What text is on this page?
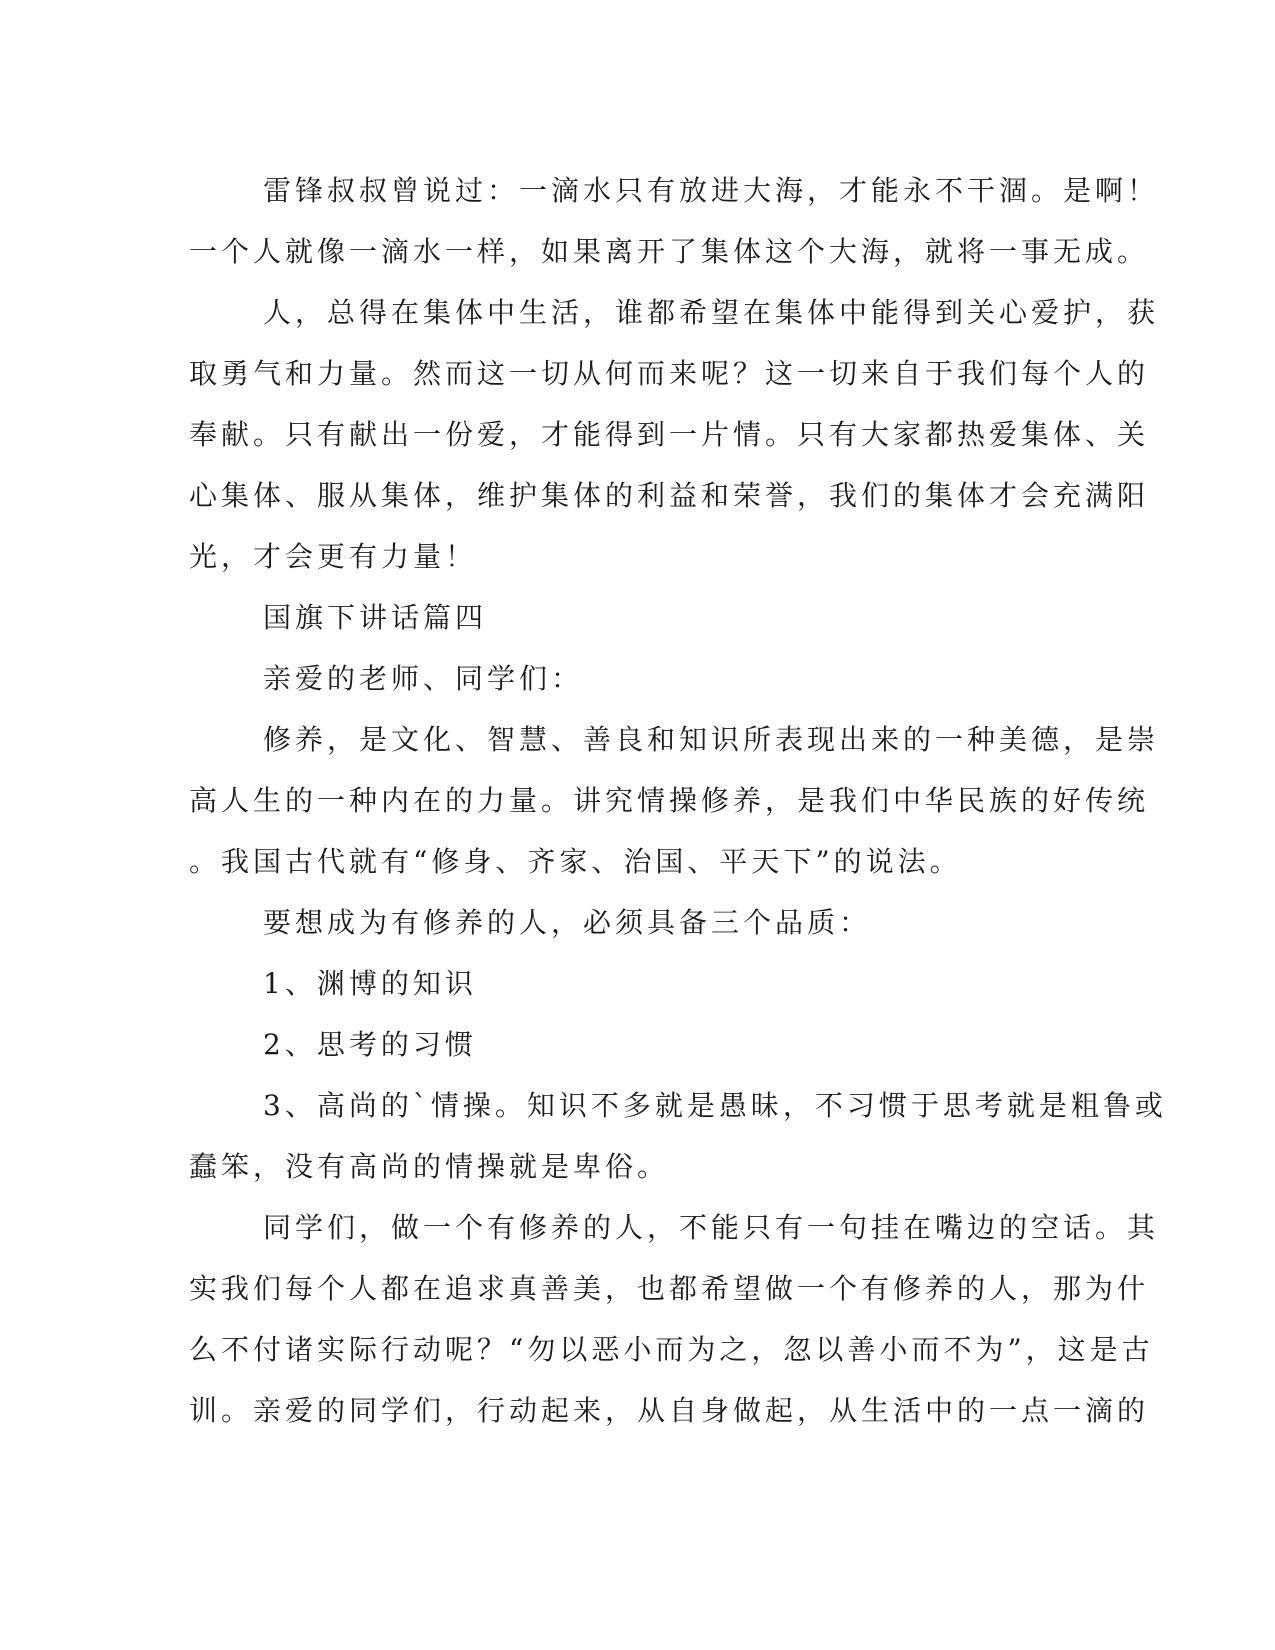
雷锋叔叔曾说过：一滴水只有放进大海，才能永不干涸。是啊！
一个人就像一滴水一样，如果离开了集体这个大海，就将一事无成。
人，总得在集体中生活，谁都希望在集体中能得到关心爱护，获
取勇气和力量。然而这一切从何而来呢？这一切来自于我们每个人的
奉献。只有献出一份爱，才能得到一片情。只有大家都热爱集体、关
心集体、服从集体，维护集体的利益和荣誉，我们的集体才会充满阳
光，才会更有力量！
国旗下讲话篇四
亲爱的老师、同学们：
修养，是文化、智慧、善良和知识所表现出来的一种美德，是崇
高人生的一种内在的力量。讲究情操修养，是我们中华民族的好传统
。我国古代就有“修身、齐家、治国、平天下”的说法。
要想成为有修养的人，必须具备三个品质：
1、渊博的知识
2、思考的习惯
3、高尚的`情操。知识不多就是愚昧，不习惯于思考就是粗鲁或
蠢笨，没有高尚的情操就是卑俗。
同学们，做一个有修养的人，不能只有一句挂在嘴边的空话。其
实我们每个人都在追求真善美，也都希望做一个有修养的人，那为什
么不付诸实际行动呢？“勿以恶小而为之，忽以善小而不为”，这是古
训。亲爱的同学们，行动起来，从自身做起，从生活中的一点一滴的
